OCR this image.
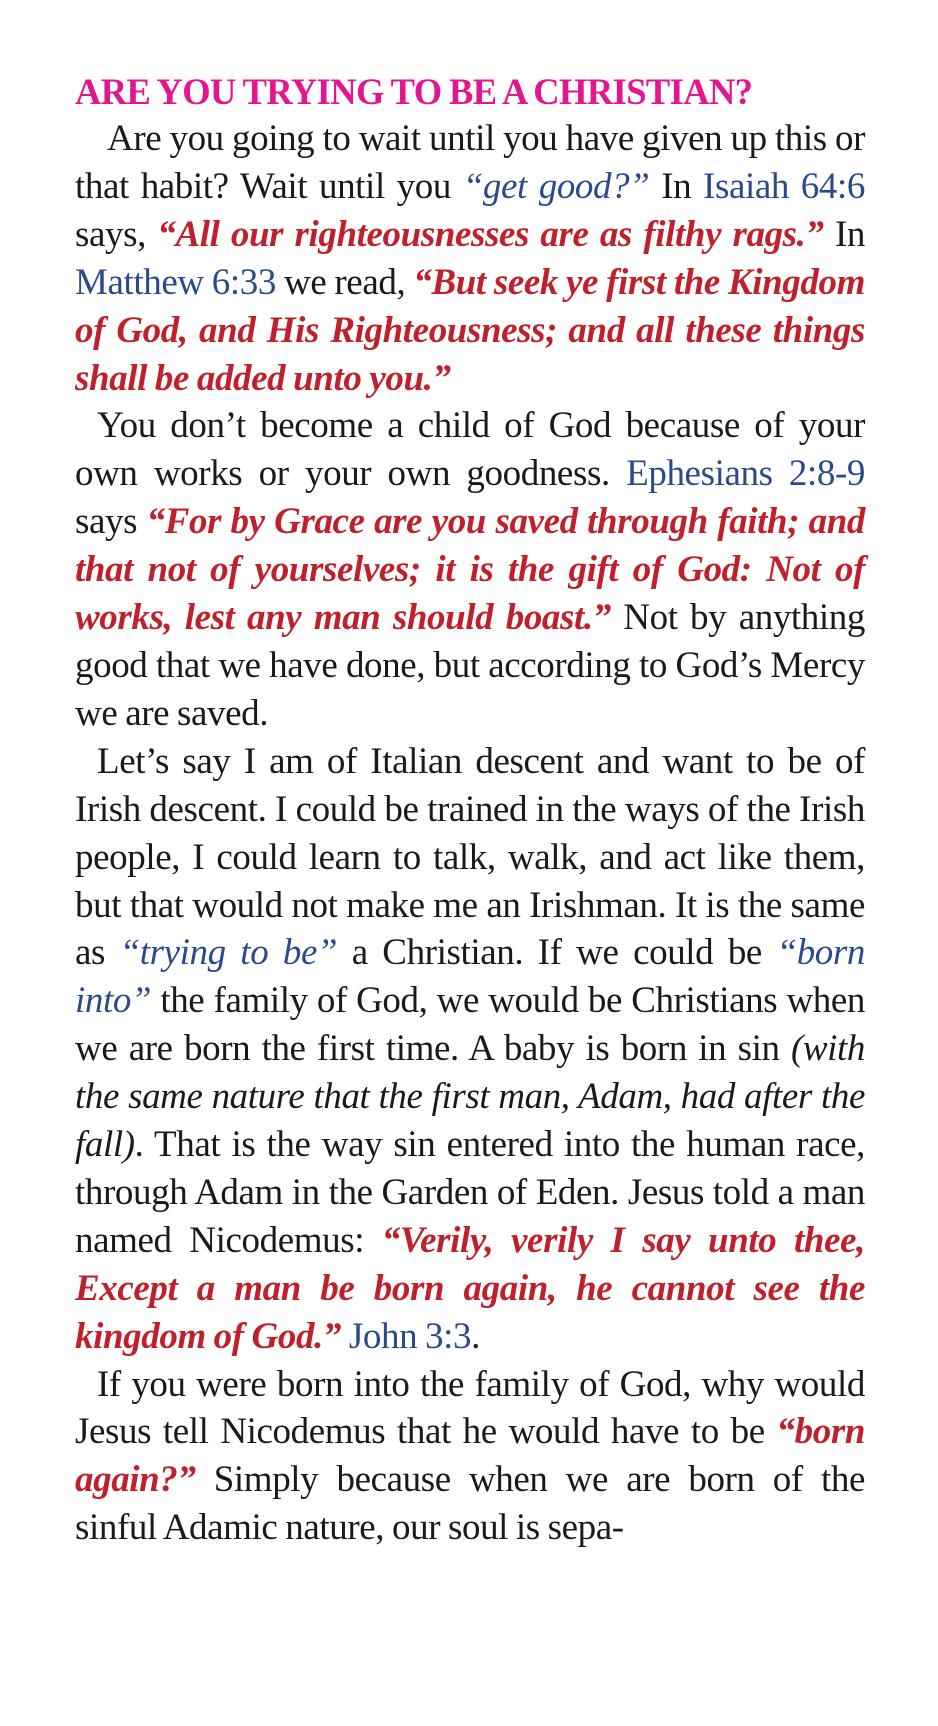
ARE YOU TRYING TO BE A CHRISTIAN?

Are you going to wait until you have given up this or that habit? Wait until you “get good?” In Isaiah 64:6 says, “All our righteousnesses are as filthy rags.” In Matthew 6:33 we read, “But seek ye first the Kingdom of God, and His Righteousness; and all these things shall be added unto you.”

You don’t become a child of God because of your own works or your own goodness. Ephesians 2:8-9 says “For by Grace are you saved through faith; and that not of yourselves; it is the gift of God: Not of works, lest any man should boast.” Not by anything good that we have done, but according to God’s Mercy we are saved.

Let’s say I am of Italian descent and want to be of Irish descent. I could be trained in the ways of the Irish people, I could learn to talk, walk, and act like them, but that would not make me an Irishman. It is the same as “trying to be” a Christian. If we could be “born into” the family of God, we would be Christians when we are born the first time. A baby is born in sin (with the same nature that the first man, Adam, had after the fall). That is the way sin entered into the human race, through Adam in the Garden of Eden. Jesus told a man named Nicodemus: “Verily, verily I say unto thee, Except a man be born again, he cannot see the kingdom of God.” John 3:3.

If you were born into the family of God, why would Jesus tell Nicodemus that he would have to be “born again?” Simply because when we are born of the sinful Adamic nature, our soul is sepa-
